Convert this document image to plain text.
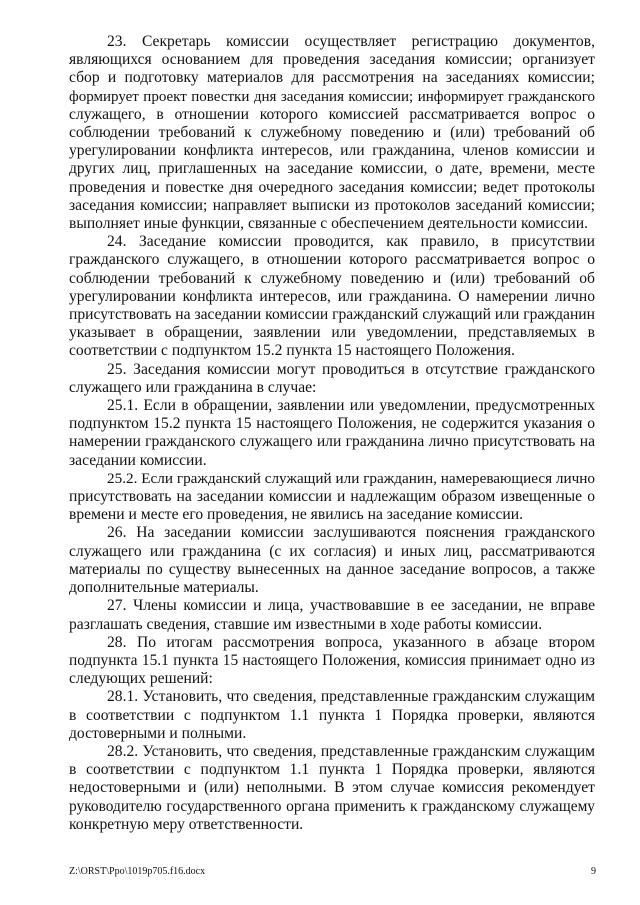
23. Секретарь комиссии осуществляет регистрацию документов,
являющихся основанием для проведения заседания комиссии; организует
сбор и подготовку материалов для рассмотрения на заседаниях комиссии;
формирует проект повестки дня заседания комиссии; информирует гражданского
служащего, в отношении которого комиссией рассматривается вопрос о
соблюдении требований к служебному поведению и (или) требований об
урегулировании конфликта интересов, или гражданина, членов комиссии и
других лиц, приглашенных на заседание комиссии, о дате, времени, месте
проведения и повестке дня очередного заседания комиссии; ведет протоколы
заседания комиссии; направляет выписки из протоколов заседаний комиссии;
выполняет иные функции, связанные с обеспечением деятельности комиссии.
24. Заседание комиссии проводится, как правило, в присутствии
гражданского служащего, в отношении которого рассматривается вопрос о
соблюдении требований к служебному поведению и (или) требований об
урегулировании конфликта интересов, или гражданина. О намерении лично
присутствовать на заседании комиссии гражданский служащий или гражданин
указывает в обращении, заявлении или уведомлении, представляемых в
соответствии с подпунктом 15.2 пункта 15 настоящего Положения.
25. Заседания комиссии могут проводиться в отсутствие гражданского
служащего или гражданина в случае:
25.1. Если в обращении, заявлении или уведомлении, предусмотренных
подпунктом 15.2 пункта 15 настоящего Положения, не содержится указания о
намерении гражданского служащего или гражданина лично присутствовать на
заседании комиссии.
25.2. Если гражданский служащий или гражданин, намеревающиеся лично
присутствовать на заседании комиссии и надлежащим образом извещенные о
времени и месте его проведения, не явились на заседание комиссии.
26. На заседании комиссии заслушиваются пояснения гражданского
служащего или гражданина (с их согласия) и иных лиц, рассматриваются
материалы по существу вынесенных на данное заседание вопросов, а также
дополнительные материалы.
27. Члены комиссии и лица, участвовавшие в ее заседании, не вправе
разглашать сведения, ставшие им известными в ходе работы комиссии.
28. По итогам рассмотрения вопроса, указанного в абзаце втором
подпункта 15.1 пункта 15 настоящего Положения, комиссия принимает одно из
следующих решений:
28.1. Установить, что сведения, представленные гражданским служащим
в соответствии с подпунктом 1.1 пункта 1 Порядка проверки, являются
достоверными и полными.
28.2. Установить, что сведения, представленные гражданским служащим
в соответствии с подпунктом 1.1 пункта 1 Порядка проверки, являются
недостоверными и (или) неполными. В этом случае комиссия рекомендует
руководителю государственного органа применить к гражданскому служащему
конкретную меру ответственности.
Z:\ORST\Ppo\1019p705.f16.docx	9
